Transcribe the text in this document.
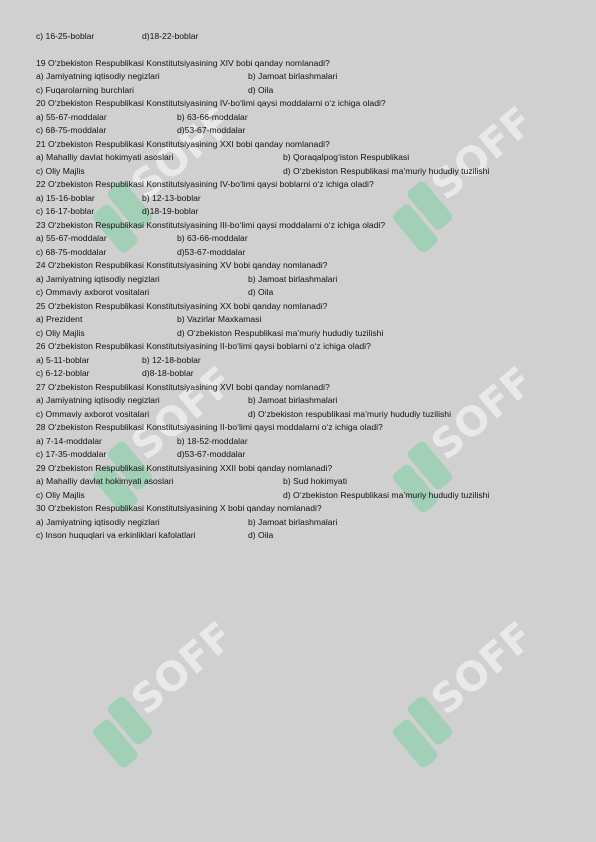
SOFF	SOFF
SOFF	SOFF
SOFF	SOFF
c) 16-25-boblar	d)18-22-boblar
19 O‘zbekiston Respublikasi Konstitutsiyasining XIV bobi qanday nomlanadi?
a) Jamiyatning iqtisodiy negizlari	b) Jamoat birlashmalari
c) Fuqarolarning burchlari	d) Oila
20 O‘zbekiston Respublikasi Konstitutsiyasining IV-bo‘limi qaysi moddalarni o‘z ichiga oladi?
a) 55-67-moddalar	b) 63-66-moddalar
c) 68-75-moddalar	d)53-67-moddalar
21 O‘zbekiston Respublikasi Konstitutsiyasining XXI bobi qanday nomlanadi?
a) Mahalliy davlat hokimyati asoslari	b) Qoraqalpog‘iston Respublikasi
c) Oliy Majlis	d) O‘zbekiston Respublikasi ma’muriy hududiy tuzilishi
22 O‘zbekiston Respublikasi Konstitutsiyasining IV-bo‘limi qaysi boblarni o‘z ichiga oladi?
a) 15-16-boblar	b) 12-13-boblar
c) 16-17-boblar	d)18-19-boblar
23 O‘zbekiston Respublikasi Konstitutsiyasining III-bo‘limi qaysi moddalarni o‘z ichiga oladi?
a) 55-67-moddalar	b) 63-66-moddalar
c) 68-75-moddalar	d)53-67-moddalar
24 O‘zbekiston Respublikasi Konstitutsiyasining XV bobi qanday nomlanadi?
a) Jamiyatning iqtisodiy negizlari	b) Jamoat birlashmalari
c) Ommaviy axborot vositalari	d) Oila
25 O‘zbekiston Respublikasi Konstitutsiyasining XX bobi qanday nomlanadi?
a) Prezident	b) Vazirlar Maxkamasi
c) Oliy Majlis	d) O‘zbekiston Respublikasi ma’muriy hududiy tuzilishi
26 O‘zbekiston Respublikasi Konstitutsiyasining II-bo‘limi qaysi boblarni o‘z ichiga oladi?
a) 5-11-boblar	b) 12-18-boblar
c) 6-12-boblar	d)8-18-boblar
27 O‘zbekiston Respublikasi Konstitutsiyasining XVI bobi qanday nomlanadi?
a) Jamiyatning iqtisodiy negizlari	b) Jamoat birlashmalari
c) Ommaviy axborot vositalari	d) O‘zbekiston respublikasi ma’muriy hududiy tuzilishi
28 O‘zbekiston Respublikasi Konstitutsiyasining II-bo‘limi qaysi moddalarni o‘z ichiga oladi?
a) 7-14-moddalar	b) 18-52-moddalar
c) 17-35-moddalar	d)53-67-moddalar
29 O‘zbekiston Respublikasi Konstitutsiyasining XXII bobi qanday nomlanadi?
a) Mahalliy davlat hokimyati asoslari	b) Sud hokimyati
c) Oliy Majlis	d) O‘zbekiston Respublikasi ma’muriy hududiy tuzilishi
30 O‘zbekiston Respublikasi Konstitutsiyasining X bobi qanday nomlanadi?
a) Jamiyatning iqtisodiy negizlari	b) Jamoat birlashmalari
c) Inson huquqlari va erkinliklari kafolatlari	d) Oila
